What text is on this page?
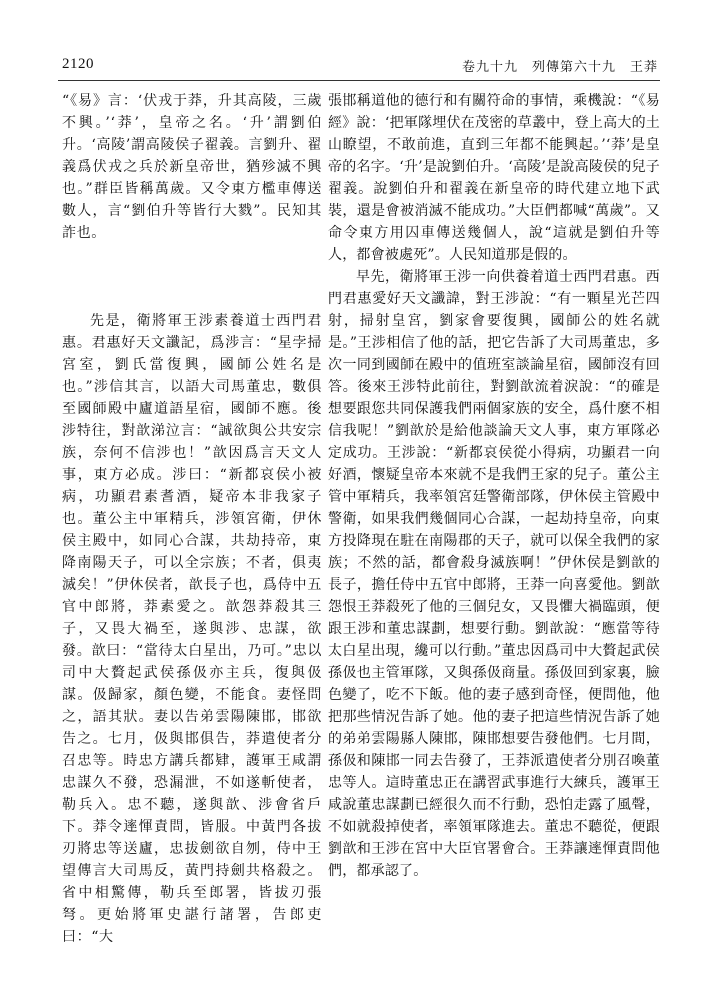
2120	卷九十九　列傳第六十九　王莽

“《易》言：‘伏戎于莽，升其高陵，三歲不興。’‘莽’，皇帝之名。‘升’謂劉伯升。‘高陵’謂高陵侯子翟義。言劉升、翟義爲伏戎之兵於新皇帝世，猶殄滅不興也。”群臣皆稱萬歲。又令東方檻車傳送數人，言“劉伯升等皆行大戮”。民知其詐也。

先是，衛將軍王涉素養道士西門君惠。君惠好天文讖記，爲涉言：“星孛掃宮室，劉氏當復興，國師公姓名是也。”涉信其言，以語大司馬董忠，數俱至國師殿中廬道語星宿，國師不應。後涉特往，對歆涕泣言：“誠欲與公共安宗族，奈何不信涉也！”歆因爲言天文人事，東方必成。涉曰：“新都哀侯小被病，功顯君素耆酒，疑帝本非我家子也。董公主中軍精兵，涉領宮衛，伊休侯主殿中，如同心合謀，共劫持帝，東降南陽天子，可以全宗族；不者，俱夷滅矣！”伊休侯者，歆長子也，爲侍中五官中郎將，莽素愛之。歆怨莽殺其三子，又畏大禍至，遂與涉、忠謀，欲發。歆曰：“當待太白星出，乃可。”忠以司中大贅起武侯孫伋亦主兵，復與伋謀。伋歸家，顏色變，不能食。妻怪問之，語其狀。妻以告弟雲陽陳邯，邯欲告之。七月，伋與邯俱告，莽遣使者分召忠等。時忠方講兵都肄，護軍王咸謂忠謀久不發，恐漏泄，不如遂斬使者，勒兵入。忠不聽，遂與歆、涉會省戶下。莽令䢦惲責問，皆服。中黃門各拔刃將忠等送廬，忠拔劍欲自刎，侍中王望傳言大司馬反，黃門持劍共格殺之。省中相驚傳，勒兵至郎署，皆拔刃張弩。更始將軍史諶行諸署，告郎吏曰：“大

張邯稱道他的德行和有關符命的事情，乘機說：“《易經》說：‘把軍隊埋伏在茂密的草叢中，登上高大的土山瞭望，不敢前進，直到三年都不能興起。’‘莽’是皇帝的名字。‘升’是說劉伯升。‘高陵’是說高陵侯的兒子翟義。說劉伯升和翟義在新皇帝的時代建立地下武裝，還是會被消滅不能成功。”大臣們都喊“萬歲”。又命令東方用囚車傳送幾個人，說“這就是劉伯升等人，都會被處死”。人民知道那是假的。

早先，衛將軍王涉一向供養着道士西門君惠。西門君惠愛好天文讖諱，對王涉說：“有一顆星光芒四射，掃射皇宮，劉家會要復興，國師公的姓名就是。”王涉相信了他的話，把它告訴了大司馬董忠，多次一同到國師在殿中的值班室談論星宿，國師沒有回答。後來王涉特此前往，對劉歆流着淚說：“的確是想要跟您共同保護我們兩個家族的安全，爲什麽不相信我呢！”劉歆於是給他談論天文人事，東方軍隊必定成功。王涉說：“新都哀侯從小得病，功顯君一向好酒，懷疑皇帝本來就不是我們王家的兒子。董公主管中軍精兵，我率領宮廷警衛部隊，伊休侯主管殿中警衛，如果我們幾個同心合謀，一起劫持皇帝，向東方投降現在駐在南陽郡的天子，就可以保全我們的家族；不然的話，都會殺身滅族啊！”伊休侯是劉歆的長子，擔任侍中五官中郎將，王莽一向喜愛他。劉歆怨恨王莽殺死了他的三個兒女，又畏懼大禍臨頭，便跟王涉和董忠謀劃，想要行動。劉歆說：“應當等待太白星出現，纔可以行動。”董忠因爲司中大贅起武侯孫伋也主管軍隊，又與孫伋商量。孫伋回到家裏，臉色變了，吃不下飯。他的妻子感到奇怪，便問他，他把那些情況告訴了她。他的妻子把這些情況告訴了她的弟弟雲陽縣人陳邯，陳邯想要告發他們。七月間，孫伋和陳邯一同去告發了，王莽派遣使者分別召喚董忠等人。這時董忠正在講習武事進行大練兵，護軍王咸說董忠謀劃已經很久而不行動，恐怕走露了風聲，不如就殺掉使者，率領軍隊進去。董忠不聽從，便跟劉歆和王涉在宮中大臣官署會合。王莽讓䢦惲責問他們，都承認了。
